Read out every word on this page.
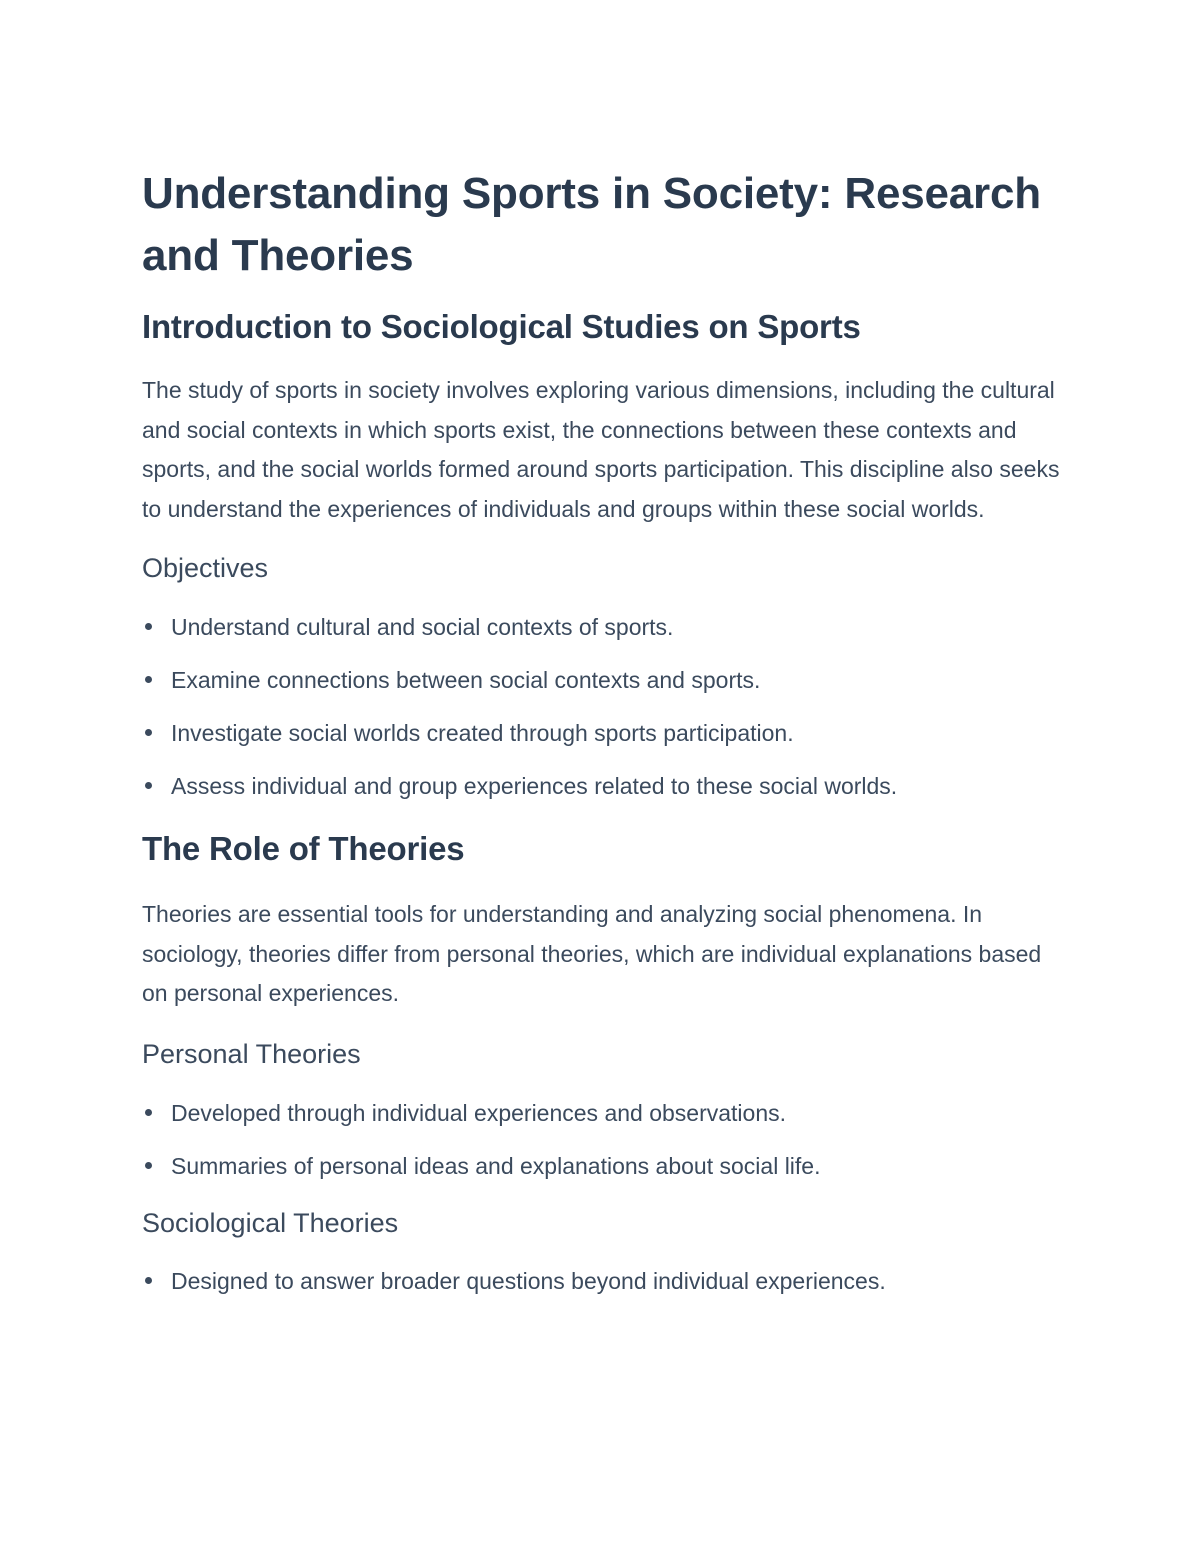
Understanding Sports in Society: Research and Theories
Introduction to Sociological Studies on Sports

The study of sports in society involves exploring various dimensions, including the cultural and social contexts in which sports exist, the connections between these contexts and sports, and the social worlds formed around sports participation. This discipline also seeks to understand the experiences of individuals and groups within these social worlds.

Objectives
Understand cultural and social contexts of sports.
Examine connections between social contexts and sports.
Investigate social worlds created through sports participation.
Assess individual and group experiences related to these social worlds.
The Role of Theories

Theories are essential tools for understanding and analyzing social phenomena. In sociology, theories differ from personal theories, which are individual explanations based on personal experiences.

Personal Theories
Developed through individual experiences and observations.
Summaries of personal ideas and explanations about social life.
Sociological Theories
Designed to answer broader questions beyond individual experiences.
